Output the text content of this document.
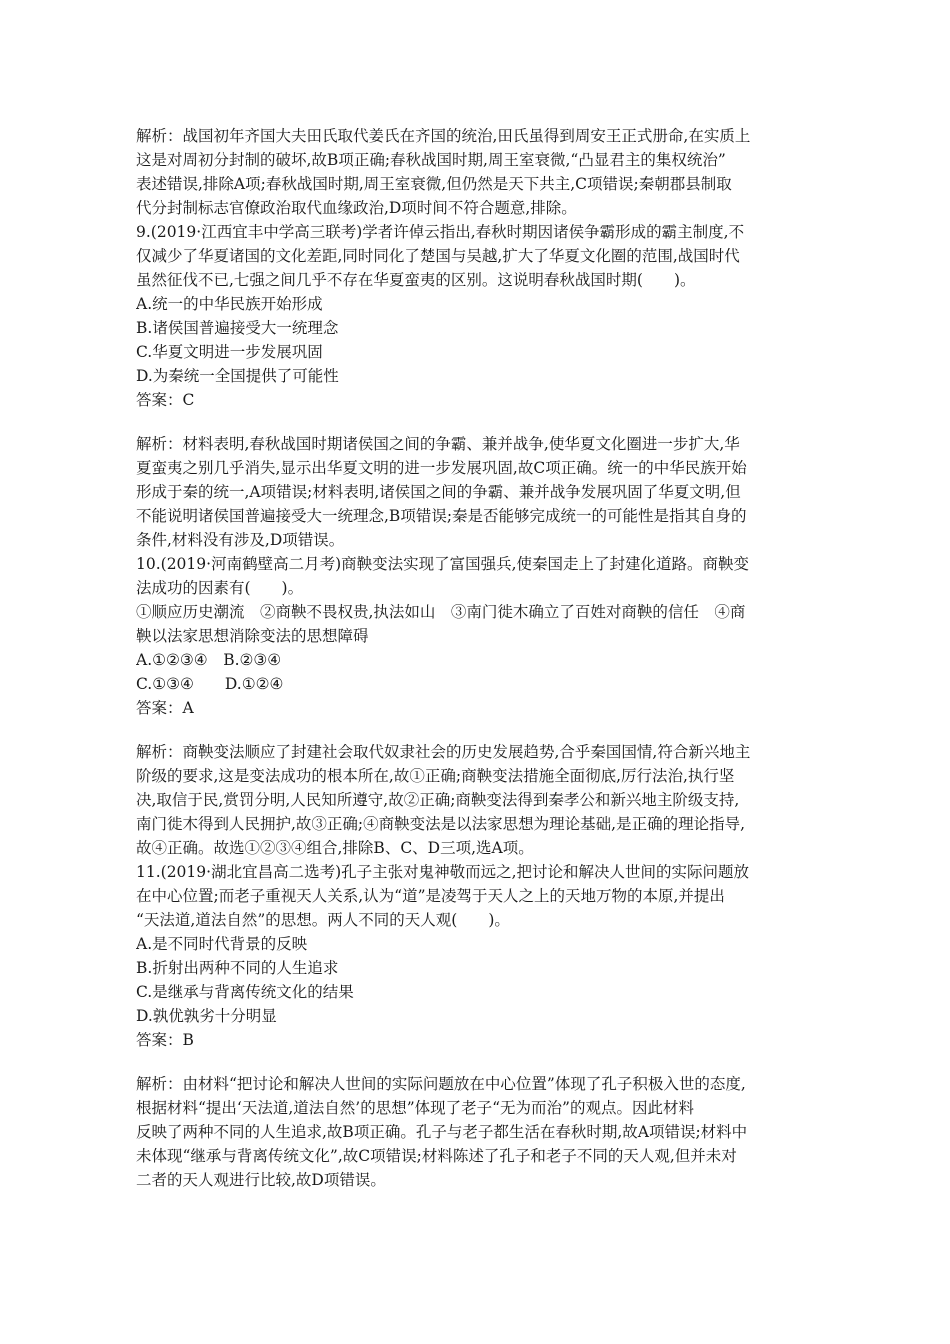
解析：战国初年齐国大夫田氏取代姜氏在齐国的统治,田氏虽得到周安王正式册命,在实质上
这是对周初分封制的破坏,故B项正确;春秋战国时期,周王室衰微,“凸显君主的集权统治”
表述错误,排除A项;春秋战国时期,周王室衰微,但仍然是天下共主,C项错误;秦朝郡县制取
代分封制标志官僚政治取代血缘政治,D项时间不符合题意,排除。
9.(2019·江西宜丰中学高三联考)学者许倬云指出,春秋时期因诸侯争霸形成的霸主制度,不
仅减少了华夏诸国的文化差距,同时同化了楚国与吴越,扩大了华夏文化圈的范围,战国时代
虽然征伐不已,七强之间几乎不存在华夏蛮夷的区别。这说明春秋战国时期(　　)。
A.统一的中华民族开始形成
B.诸侯国普遍接受大一统理念
C.华夏文明进一步发展巩固
D.为秦统一全国提供了可能性
答案：C
解析：材料表明,春秋战国时期诸侯国之间的争霸、兼并战争,使华夏文化圈进一步扩大,华
夏蛮夷之别几乎消失,显示出华夏文明的进一步发展巩固,故C项正确。统一的中华民族开始
形成于秦的统一,A项错误;材料表明,诸侯国之间的争霸、兼并战争发展巩固了华夏文明,但
不能说明诸侯国普遍接受大一统理念,B项错误;秦是否能够完成统一的可能性是指其自身的
条件,材料没有涉及,D项错误。
10.(2019·河南鹤壁高二月考)商鞅变法实现了富国强兵,使秦国走上了封建化道路。商鞅变
法成功的因素有(　　)。
①顺应历史潮流　②商鞅不畏权贵,执法如山　③南门徙木确立了百姓对商鞅的信任　④商
鞅以法家思想消除变法的思想障碍
A.①②③④　B.②③④
C.①③④　　D.①②④
答案：A
解析：商鞅变法顺应了封建社会取代奴隶社会的历史发展趋势,合乎秦国国情,符合新兴地主
阶级的要求,这是变法成功的根本所在,故①正确;商鞅变法措施全面彻底,厉行法治,执行坚
决,取信于民,赏罚分明,人民知所遵守,故②正确;商鞅变法得到秦孝公和新兴地主阶级支持,
南门徙木得到人民拥护,故③正确;④商鞅变法是以法家思想为理论基础,是正确的理论指导,
故④正确。故选①②③④组合,排除B、C、D三项,选A项。
11.(2019·湖北宜昌高二选考)孔子主张对鬼神敬而远之,把讨论和解决人世间的实际问题放
在中心位置;而老子重视天人关系,认为“道”是凌驾于天人之上的天地万物的本原,并提出
“天法道,道法自然”的思想。两人不同的天人观(　　)。
A.是不同时代背景的反映
B.折射出两种不同的人生追求
C.是继承与背离传统文化的结果
D.孰优孰劣十分明显
答案：B
解析：由材料“把讨论和解决人世间的实际问题放在中心位置”体现了孔子积极入世的态度,
根据材料“提出‘天法道,道法自然’的思想”体现了老子“无为而治”的观点。因此材料
反映了两种不同的人生追求,故B项正确。孔子与老子都生活在春秋时期,故A项错误;材料中
未体现“继承与背离传统文化”,故C项错误;材料陈述了孔子和老子不同的天人观,但并未对
二者的天人观进行比较,故D项错误。
